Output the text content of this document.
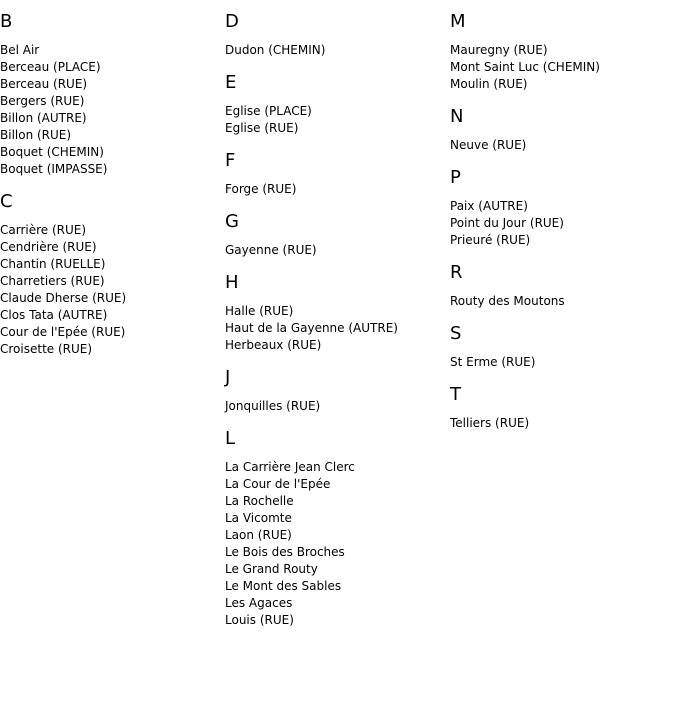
B
Bel Air
Berceau (PLACE)
Berceau (RUE)
Bergers (RUE)
Billon (AUTRE)
Billon (RUE)
Boquet (CHEMIN)
Boquet (IMPASSE)
C
Carrière (RUE)
Cendrière (RUE)
Chantin (RUELLE)
Charretiers (RUE)
Claude Dherse (RUE)
Clos Tata (AUTRE)
Cour de l'Epée (RUE)
Croisette (RUE)
D
Dudon (CHEMIN)
E
Eglise (PLACE)
Eglise (RUE)
F
Forge (RUE)
G
Gayenne (RUE)
H
Halle (RUE)
Haut de la Gayenne (AUTRE)
Herbeaux (RUE)
J
Jonquilles (RUE)
L
La Carrière Jean Clerc
La Cour de l'Epée
La Rochelle
La Vicomte
Laon (RUE)
Le Bois des Broches
Le Grand Routy
Le Mont des Sables
Les Agaces
Louis (RUE)
M
Mauregny (RUE)
Mont Saint Luc (CHEMIN)
Moulin (RUE)
N
Neuve (RUE)
P
Paix (AUTRE)
Point du Jour (RUE)
Prieuré (RUE)
R
Routy des Moutons
S
St Erme (RUE)
T
Telliers (RUE)
